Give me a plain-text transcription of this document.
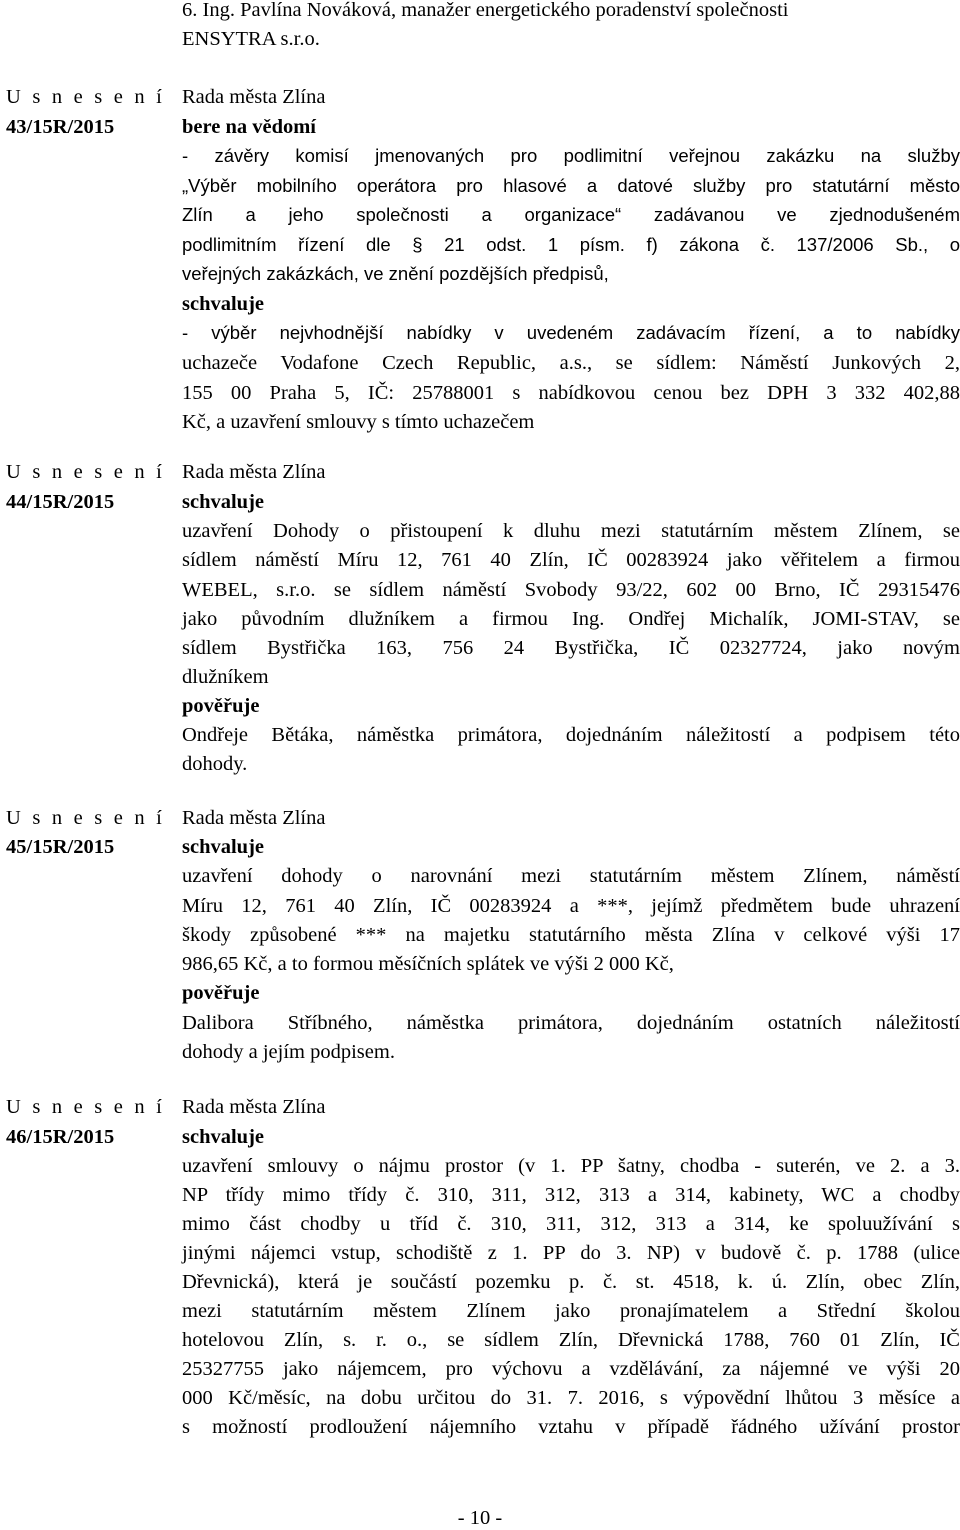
6. Ing. Pavlína Nováková, manažer energetického poradenství společnosti
ENSYTRA s.r.o.
U s n e s e n í
43/15R/2015
Rada města Zlína
bere na vědomí
- závěry komisí jmenovaných pro podlimitní veřejnou zakázku na služby
„Výběr mobilního operátora pro hlasové a datové služby pro statutární město
Zlín a jeho společnosti a organizace“ zadávanou ve zjednodušeném
podlimitním řízení dle § 21 odst. 1 písm. f) zákona č. 137/2006 Sb., o
veřejných zakázkách, ve znění pozdějších předpisů,
schvaluje
- výběr nejvhodnější nabídky v uvedeném zadávacím řízení, a to nabídky
uchazeče Vodafone Czech Republic, a.s., se sídlem: Náměstí Junkových 2,
155 00 Praha 5, IČ: 25788001 s nabídkovou cenou bez DPH 3 332 402,88
Kč, a uzavření smlouvy s tímto uchazečem
U s n e s e n í
44/15R/2015
Rada města Zlína
schvaluje
uzavření Dohody o přistoupení k dluhu mezi statutárním městem Zlínem, se
sídlem náměstí Míru 12, 761 40 Zlín, IČ 00283924 jako věřitelem a firmou
WEBEL, s.r.o. se sídlem náměstí Svobody 93/22, 602 00 Brno, IČ 29315476
jako původním dlužníkem a firmou Ing. Ondřej Michalík, JOMI-STAV, se
sídlem Bystřička 163, 756 24 Bystřička, IČ 02327724, jako novým
dlužníkem
pověřuje
Ondřeje Bětáka, náměstka primátora, dojednáním náležitostí a podpisem této
dohody.
U s n e s e n í
45/15R/2015
Rada města Zlína
schvaluje
uzavření dohody o narovnání mezi statutárním městem Zlínem, náměstí
Míru 12, 761 40 Zlín, IČ 00283924 a ***, jejímž předmětem bude uhrazení
škody způsobené *** na majetku statutárního města Zlína v celkové výši 17
986,65 Kč, a to formou měsíčních splátek ve výši 2 000 Kč,
pověřuje
Dalibora Stříbného, náměstka primátora, dojednáním ostatních náležitostí
dohody a jejím podpisem.
U s n e s e n í
46/15R/2015
Rada města Zlína
schvaluje
uzavření smlouvy o nájmu prostor (v 1. PP šatny, chodba - suterén, ve 2. a 3.
NP třídy mimo třídy č. 310, 311, 312, 313 a 314, kabinety, WC a chodby
mimo část chodby u tříd č. 310, 311, 312, 313 a 314, ke spoluužívání s
jinými nájemci vstup, schodiště z 1. PP do 3. NP) v budově č. p. 1788 (ulice
Dřevnická), která je součástí pozemku p. č. st. 4518, k. ú. Zlín, obec Zlín,
mezi statutárním městem Zlínem jako pronajímatelem a Střední školou
hotelovou Zlín, s. r. o., se sídlem Zlín, Dřevnická 1788, 760 01 Zlín, IČ
25327755 jako nájemcem, pro výchovu a vzdělávání, za nájemné ve výši 20
000 Kč/měsíc, na dobu určitou do 31. 7. 2016, s výpovědní lhůtou 3 měsíce a
s možností prodloužení nájemního vztahu v případě řádného užívání prostor
- 10 -
